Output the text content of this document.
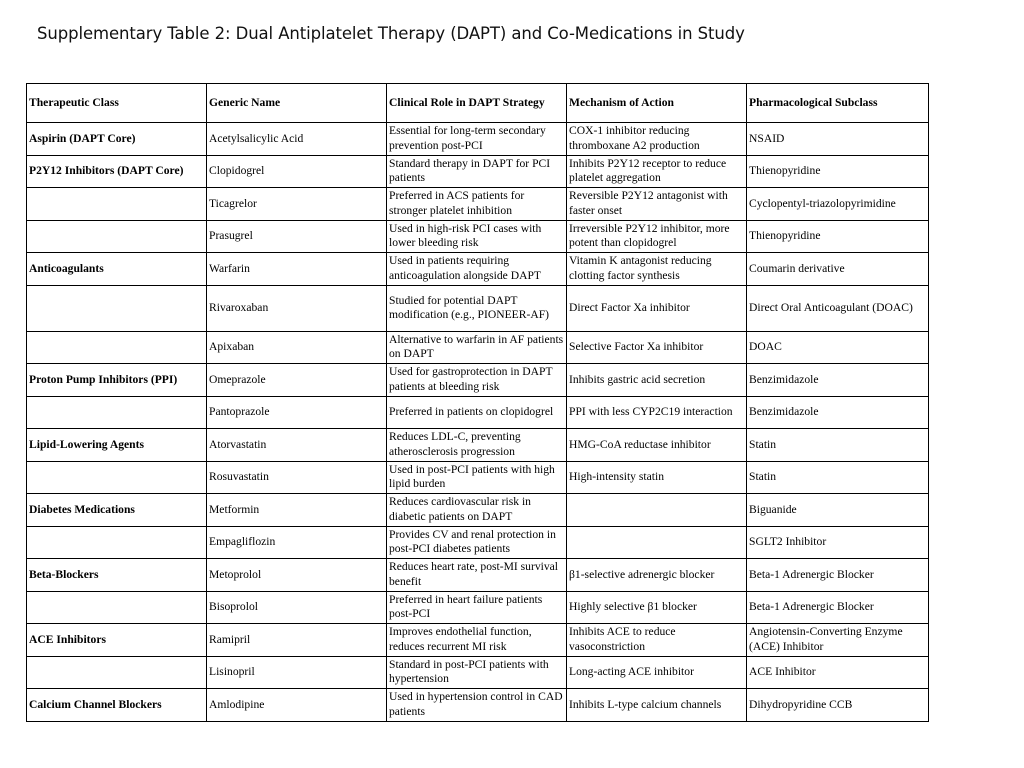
Supplementary Table 2: Dual Antiplatelet Therapy (DAPT) and Co-Medications in Study
Therapeutic Class	Generic Name	Clinical Role in DAPT Strategy	Mechanism of Action	Pharmacological Subclass
Aspirin (DAPT Core)	Acetylsalicylic Acid	Essential for long-term secondary prevention post-PCI	COX-1 inhibitor reducing thromboxane A2 production	NSAID
P2Y12 Inhibitors (DAPT Core)	Clopidogrel	Standard therapy in DAPT for PCI patients	Inhibits P2Y12 receptor to reduce platelet aggregation	Thienopyridine
	Ticagrelor	Preferred in ACS patients for stronger platelet inhibition	Reversible P2Y12 antagonist with faster onset	Cyclopentyl-triazolopyrimidine
	Prasugrel	Used in high-risk PCI cases with lower bleeding risk	Irreversible P2Y12 inhibitor, more potent than clopidogrel	Thienopyridine
Anticoagulants	Warfarin	Used in patients requiring anticoagulation alongside DAPT	Vitamin K antagonist reducing clotting factor synthesis	Coumarin derivative
	Rivaroxaban	Studied for potential DAPT modification (e.g., PIONEER-AF)	Direct Factor Xa inhibitor	Direct Oral Anticoagulant (DOAC)
	Apixaban	Alternative to warfarin in AF patients on DAPT	Selective Factor Xa inhibitor	DOAC
Proton Pump Inhibitors (PPI)	Omeprazole	Used for gastroprotection in DAPT patients at bleeding risk	Inhibits gastric acid secretion	Benzimidazole
	Pantoprazole	Preferred in patients on clopidogrel	PPI with less CYP2C19 interaction	Benzimidazole
Lipid-Lowering Agents	Atorvastatin	Reduces LDL-C, preventing atherosclerosis progression	HMG-CoA reductase inhibitor	Statin
	Rosuvastatin	Used in post-PCI patients with high lipid burden	High-intensity statin	Statin
Diabetes Medications	Metformin	Reduces cardiovascular risk in diabetic patients on DAPT		Biguanide
	Empagliflozin	Provides CV and renal protection in post-PCI diabetes patients		SGLT2 Inhibitor
Beta-Blockers	Metoprolol	Reduces heart rate, post-MI survival benefit	β1-selective adrenergic blocker	Beta-1 Adrenergic Blocker
	Bisoprolol	Preferred in heart failure patients post-PCI	Highly selective β1 blocker	Beta-1 Adrenergic Blocker
ACE Inhibitors	Ramipril	Improves endothelial function, reduces recurrent MI risk	Inhibits ACE to reduce vasoconstriction	Angiotensin-Converting Enzyme (ACE) Inhibitor
	Lisinopril	Standard in post-PCI patients with hypertension	Long-acting ACE inhibitor	ACE Inhibitor
Calcium Channel Blockers	Amlodipine	Used in hypertension control in CAD patients	Inhibits L-type calcium channels	Dihydropyridine CCB
